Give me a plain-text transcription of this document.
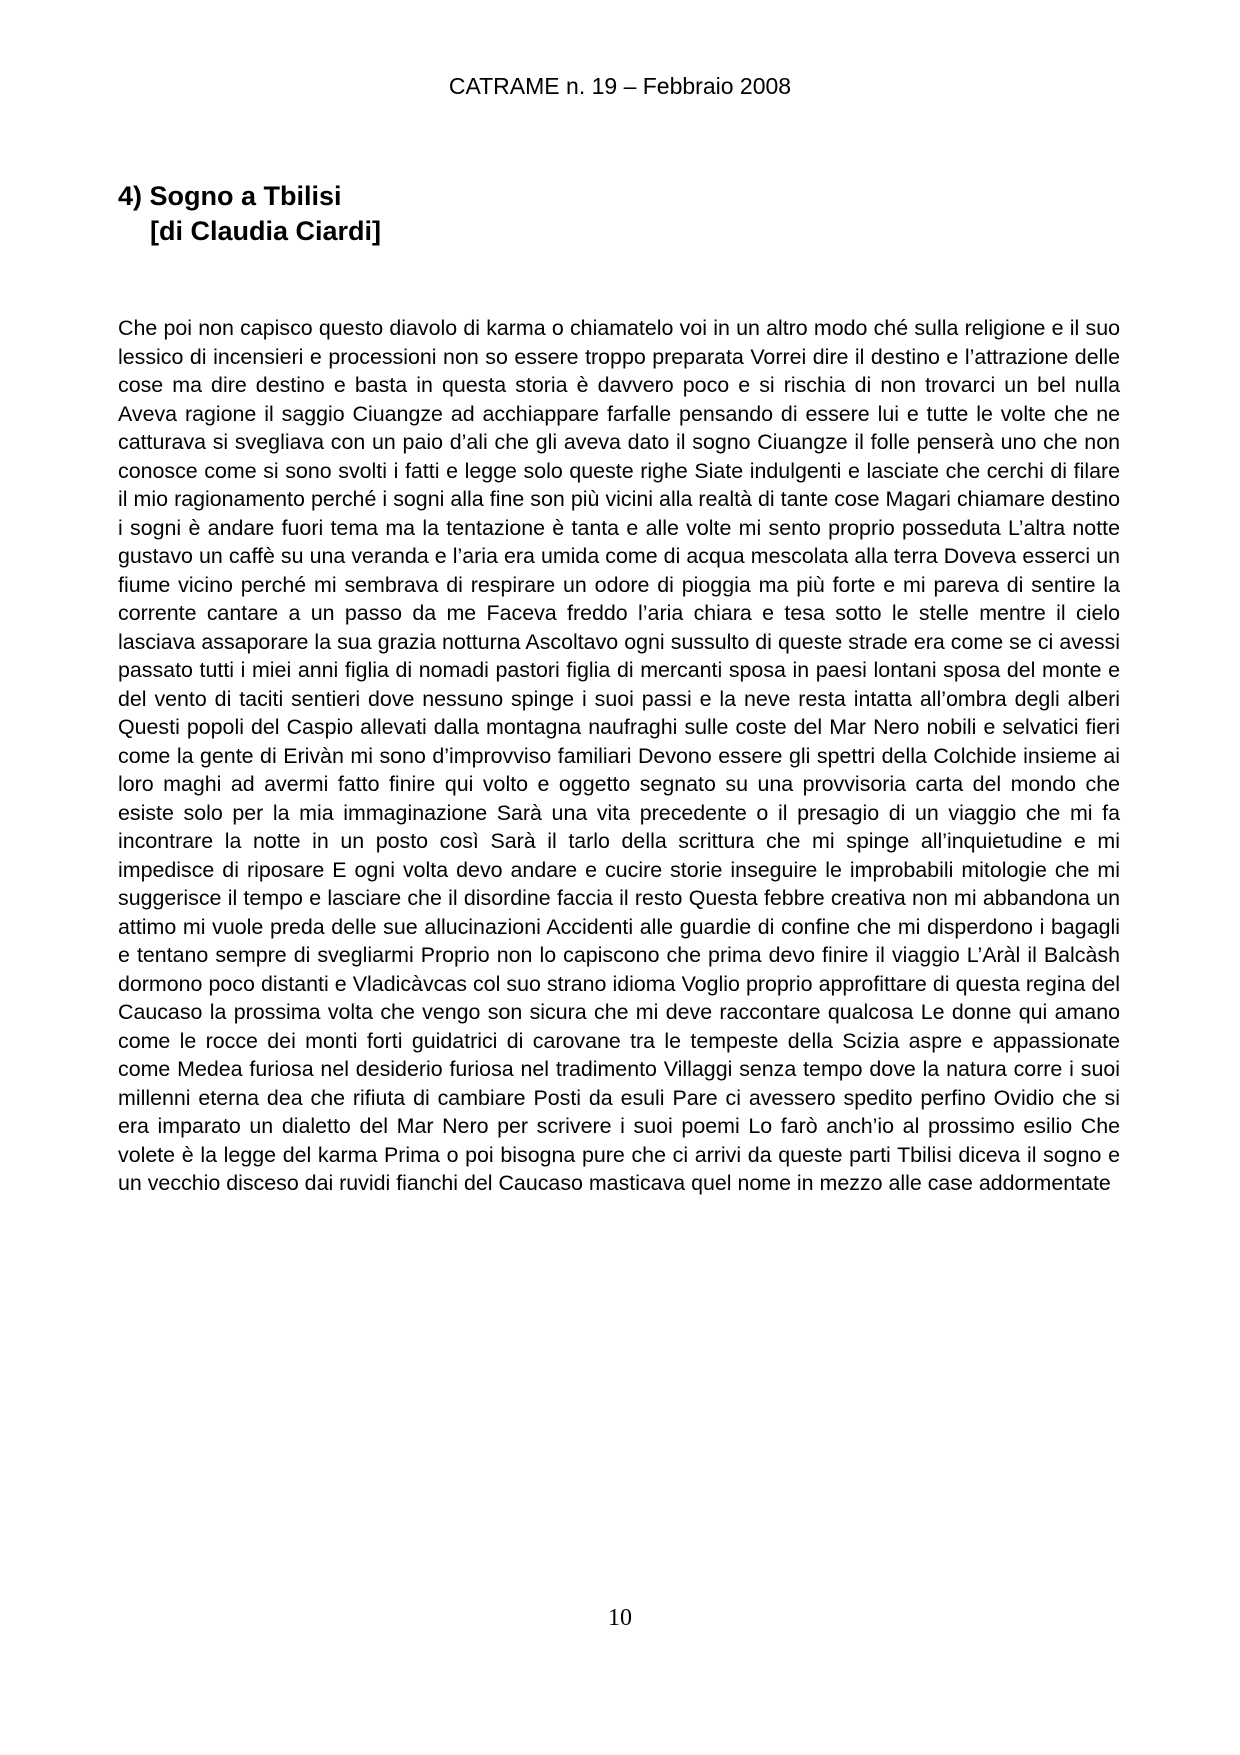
CATRAME n. 19 – Febbraio 2008
4) Sogno a Tbilisi
[di Claudia Ciardi]

Che poi non capisco questo diavolo di karma o chiamatelo voi in un altro modo ché sulla religione e il suo lessico di incensieri e processioni non so essere troppo preparata Vorrei dire il destino e l’attrazione delle cose ma dire destino e basta in questa storia è davvero poco e si rischia di non trovarci un bel nulla Aveva ragione il saggio Ciuangze ad acchiappare farfalle pensando di essere lui e tutte le volte che ne catturava si svegliava con un paio d’ali che gli aveva dato il sogno Ciuangze il folle penserà uno che non conosce come si sono svolti i fatti e legge solo queste righe Siate indulgenti e lasciate che cerchi di filare il mio ragionamento perché i sogni alla fine son più vicini alla realtà di tante cose Magari chiamare destino i sogni è andare fuori tema ma la tentazione è tanta e alle volte mi sento proprio posseduta L’altra notte gustavo un caffè su una veranda e l’aria era umida come di acqua mescolata alla terra Doveva esserci un fiume vicino perché mi sembrava di respirare un odore di pioggia ma più forte e mi pareva di sentire la corrente cantare a un passo da me Faceva freddo l’aria chiara e tesa sotto le stelle mentre il cielo lasciava assaporare la sua grazia notturna Ascoltavo ogni sussulto di queste strade era come se ci avessi passato tutti i miei anni figlia di nomadi pastori figlia di mercanti sposa in paesi lontani sposa del monte e del vento di taciti sentieri dove nessuno spinge i suoi passi e la neve resta intatta all’ombra degli alberi Questi popoli del Caspio allevati dalla montagna naufraghi sulle coste del Mar Nero nobili e selvatici fieri come la gente di Erivàn mi sono d’improvviso familiari Devono essere gli spettri della Colchide insieme ai loro maghi ad avermi fatto finire qui volto e oggetto segnato su una provvisoria carta del mondo che esiste solo per la mia immaginazione Sarà una vita precedente o il presagio di un viaggio che mi fa incontrare la notte in un posto così Sarà il tarlo della scrittura che mi spinge all’inquietudine e mi impedisce di riposare E ogni volta devo andare e cucire storie inseguire le improbabili mitologie che mi suggerisce il tempo e lasciare che il disordine faccia il resto Questa febbre creativa non mi abbandona un attimo mi vuole preda delle sue allucinazioni Accidenti alle guardie di confine che mi disperdono i bagagli e tentano sempre di svegliarmi Proprio non lo capiscono che prima devo finire il viaggio L’Aràl il Balcàsh dormono poco distanti e Vladicàvcas col suo strano idioma Voglio proprio approfittare di questa regina del Caucaso la prossima volta che vengo son sicura che mi deve raccontare qualcosa Le donne qui amano come le rocce dei monti forti guidatrici di carovane tra le tempeste della Scizia aspre e appassionate come Medea furiosa nel desiderio furiosa nel tradimento Villaggi senza tempo dove la natura corre i suoi millenni eterna dea che rifiuta di cambiare Posti da esuli Pare ci avessero spedito perfino Ovidio che si era imparato un dialetto del Mar Nero per scrivere i suoi poemi Lo farò anch’io al prossimo esilio Che volete è la legge del karma Prima o poi bisogna pure che ci arrivi da queste parti Tbilisi diceva il sogno e un vecchio disceso dai ruvidi fianchi del Caucaso masticava quel nome in mezzo alle case addormentate

10
